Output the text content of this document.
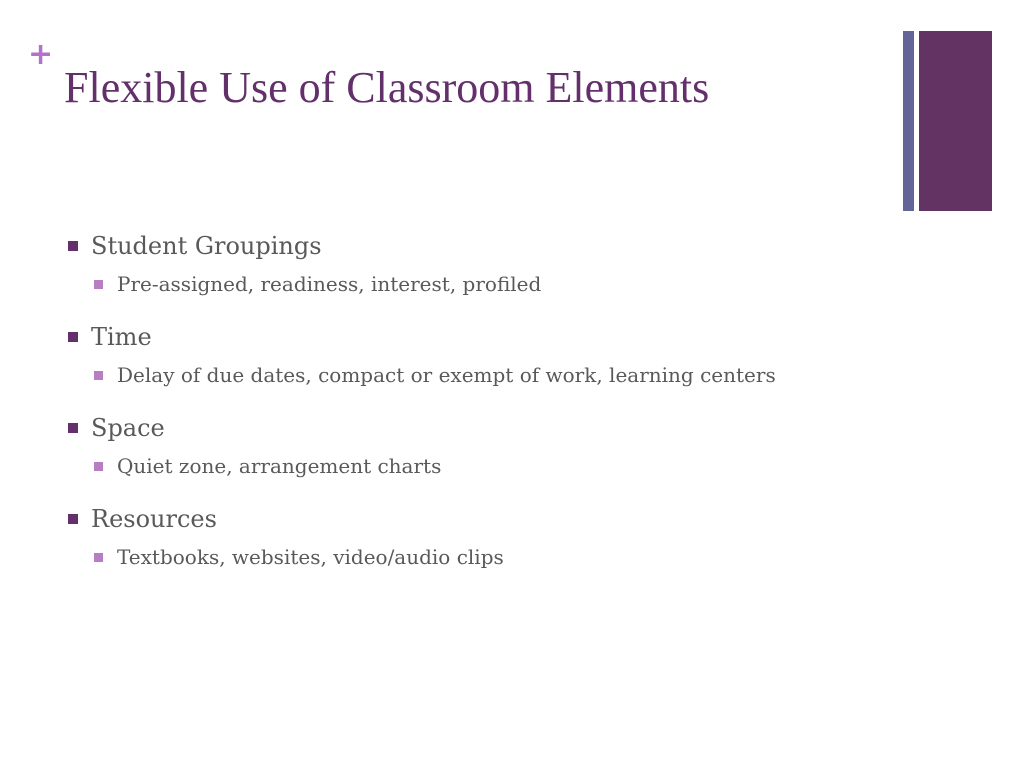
+
Flexible Use of Classroom Elements
Student Groupings
Pre-assigned, readiness, interest, profiled
Time
Delay of due dates, compact or exempt of work, learning centers
Space
Quiet zone, arrangement charts
Resources
Textbooks, websites, video/audio clips
